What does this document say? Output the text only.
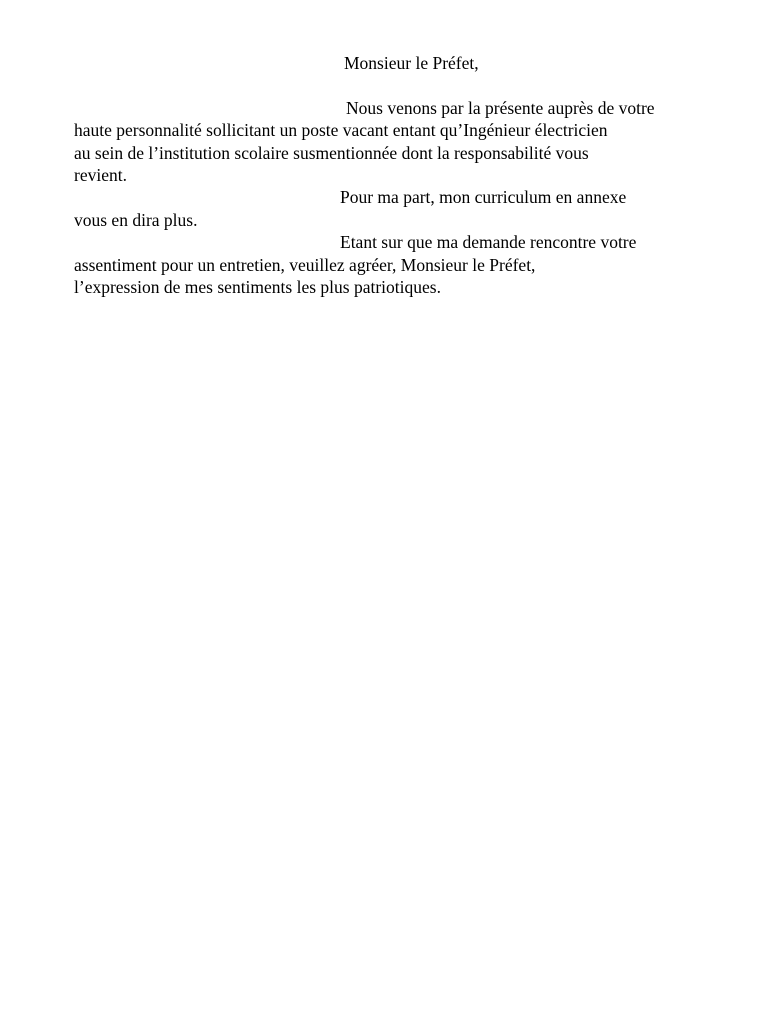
Monsieur le Préfet,
Nous venons par la présente auprès de votre
haute personnalité sollicitant un poste vacant entant qu’Ingénieur électricien
au sein de l’institution scolaire susmentionnée dont la responsabilité vous
revient.
Pour ma part, mon curriculum en annexe
vous en dira plus.
Etant sur que ma demande rencontre votre
assentiment pour un entretien, veuillez agréer, Monsieur le Préfet,
l’expression de mes sentiments les plus patriotiques.
